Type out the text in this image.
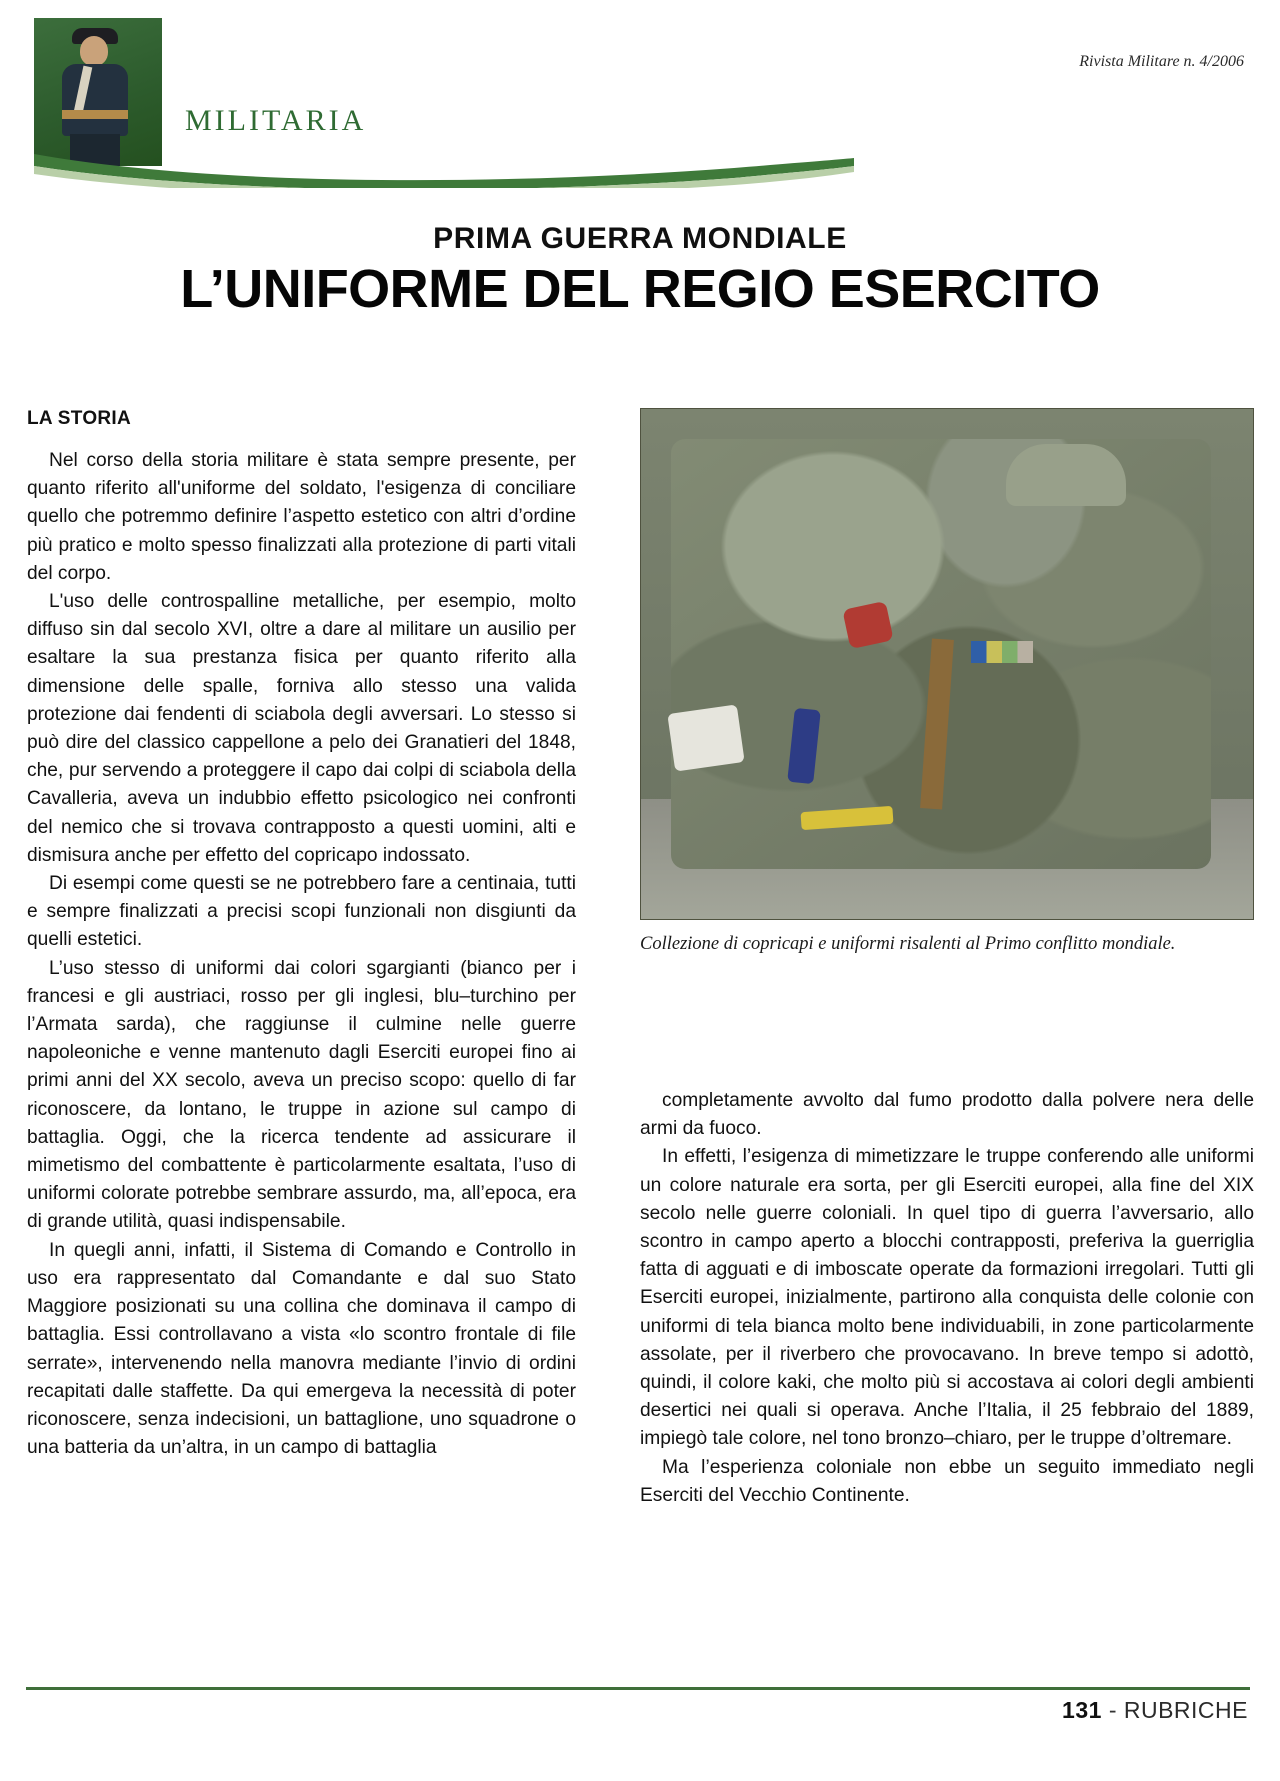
MILITARIA
Rivista Militare n. 4/2006
PRIMA GUERRA MONDIALE
L’UNIFORME DEL REGIO ESERCITO
LA STORIA

Nel corso della storia militare è stata sempre presente, per quanto riferito all'uniforme del soldato, l'esigenza di conciliare quello che potremmo definire l’aspetto estetico con altri d’ordine più pratico e molto spesso finalizzati alla protezione di parti vitali del corpo.

L'uso delle controspalline metalliche, per esempio, molto diffuso sin dal secolo XVI, oltre a dare al militare un ausilio per esaltare la sua prestanza fisica per quanto riferito alla dimensione delle spalle, forniva allo stesso una valida protezione dai fendenti di sciabola degli avversari. Lo stesso si può dire del classico cappellone a pelo dei Granatieri del 1848, che, pur servendo a proteggere il capo dai colpi di sciabola della Cavalleria, aveva un indubbio effetto psicologico nei confronti del nemico che si trovava contrapposto a questi uomini, alti e dismisura anche per effetto del copricapo indossato.

Di esempi come questi se ne potrebbero fare a centinaia, tutti e sempre finalizzati a precisi scopi funzionali non disgiunti da quelli estetici.

L’uso stesso di uniformi dai colori sgargianti (bianco per i francesi e gli austriaci, rosso per gli inglesi, blu–turchino per l’Armata sarda), che raggiunse il culmine nelle guerre napoleoniche e venne mantenuto dagli Eserciti europei fino ai primi anni del XX secolo, aveva un preciso scopo: quello di far riconoscere, da lontano, le truppe in azione sul campo di battaglia. Oggi, che la ricerca tendente ad assicurare il mimetismo del combattente è particolarmente esaltata, l’uso di uniformi colorate potrebbe sembrare assurdo, ma, all’epoca, era di grande utilità, quasi indispensabile.

In quegli anni, infatti, il Sistema di Comando e Controllo in uso era rappresentato dal Comandante e dal suo Stato Maggiore posizionati su una collina che dominava il campo di battaglia. Essi controllavano a vista «lo scontro frontale di file serrate», intervenendo nella manovra mediante l’invio di ordini recapitati dalle staffette. Da qui emergeva la necessità di poter riconoscere, senza indecisioni, un battaglione, uno squadrone o una batteria da un’altra, in un campo di battaglia

Collezione di copricapi e uniformi risalenti al Primo conflitto mondiale.

completamente avvolto dal fumo prodotto dalla polvere nera delle armi da fuoco.

In effetti, l’esigenza di mimetizzare le truppe conferendo alle uniformi un colore naturale era sorta, per gli Eserciti europei, alla fine del XIX secolo nelle guerre coloniali. In quel tipo di guerra l’avversario, allo scontro in campo aperto a blocchi contrapposti, preferiva la guerriglia fatta di agguati e di imboscate operate da formazioni irregolari. Tutti gli Eserciti europei, inizialmente, partirono alla conquista delle colonie con uniformi di tela bianca molto bene individuabili, in zone particolarmente assolate, per il riverbero che provocavano. In breve tempo si adottò, quindi, il colore kaki, che molto più si accostava ai colori degli ambienti desertici nei quali si operava. Anche l’Italia, il 25 febbraio del 1889, impiegò tale colore, nel tono bronzo–chiaro, per le truppe d’oltremare.

Ma l’esperienza coloniale non ebbe un seguito immediato negli Eserciti del Vecchio Continente.

131 - RUBRICHE
